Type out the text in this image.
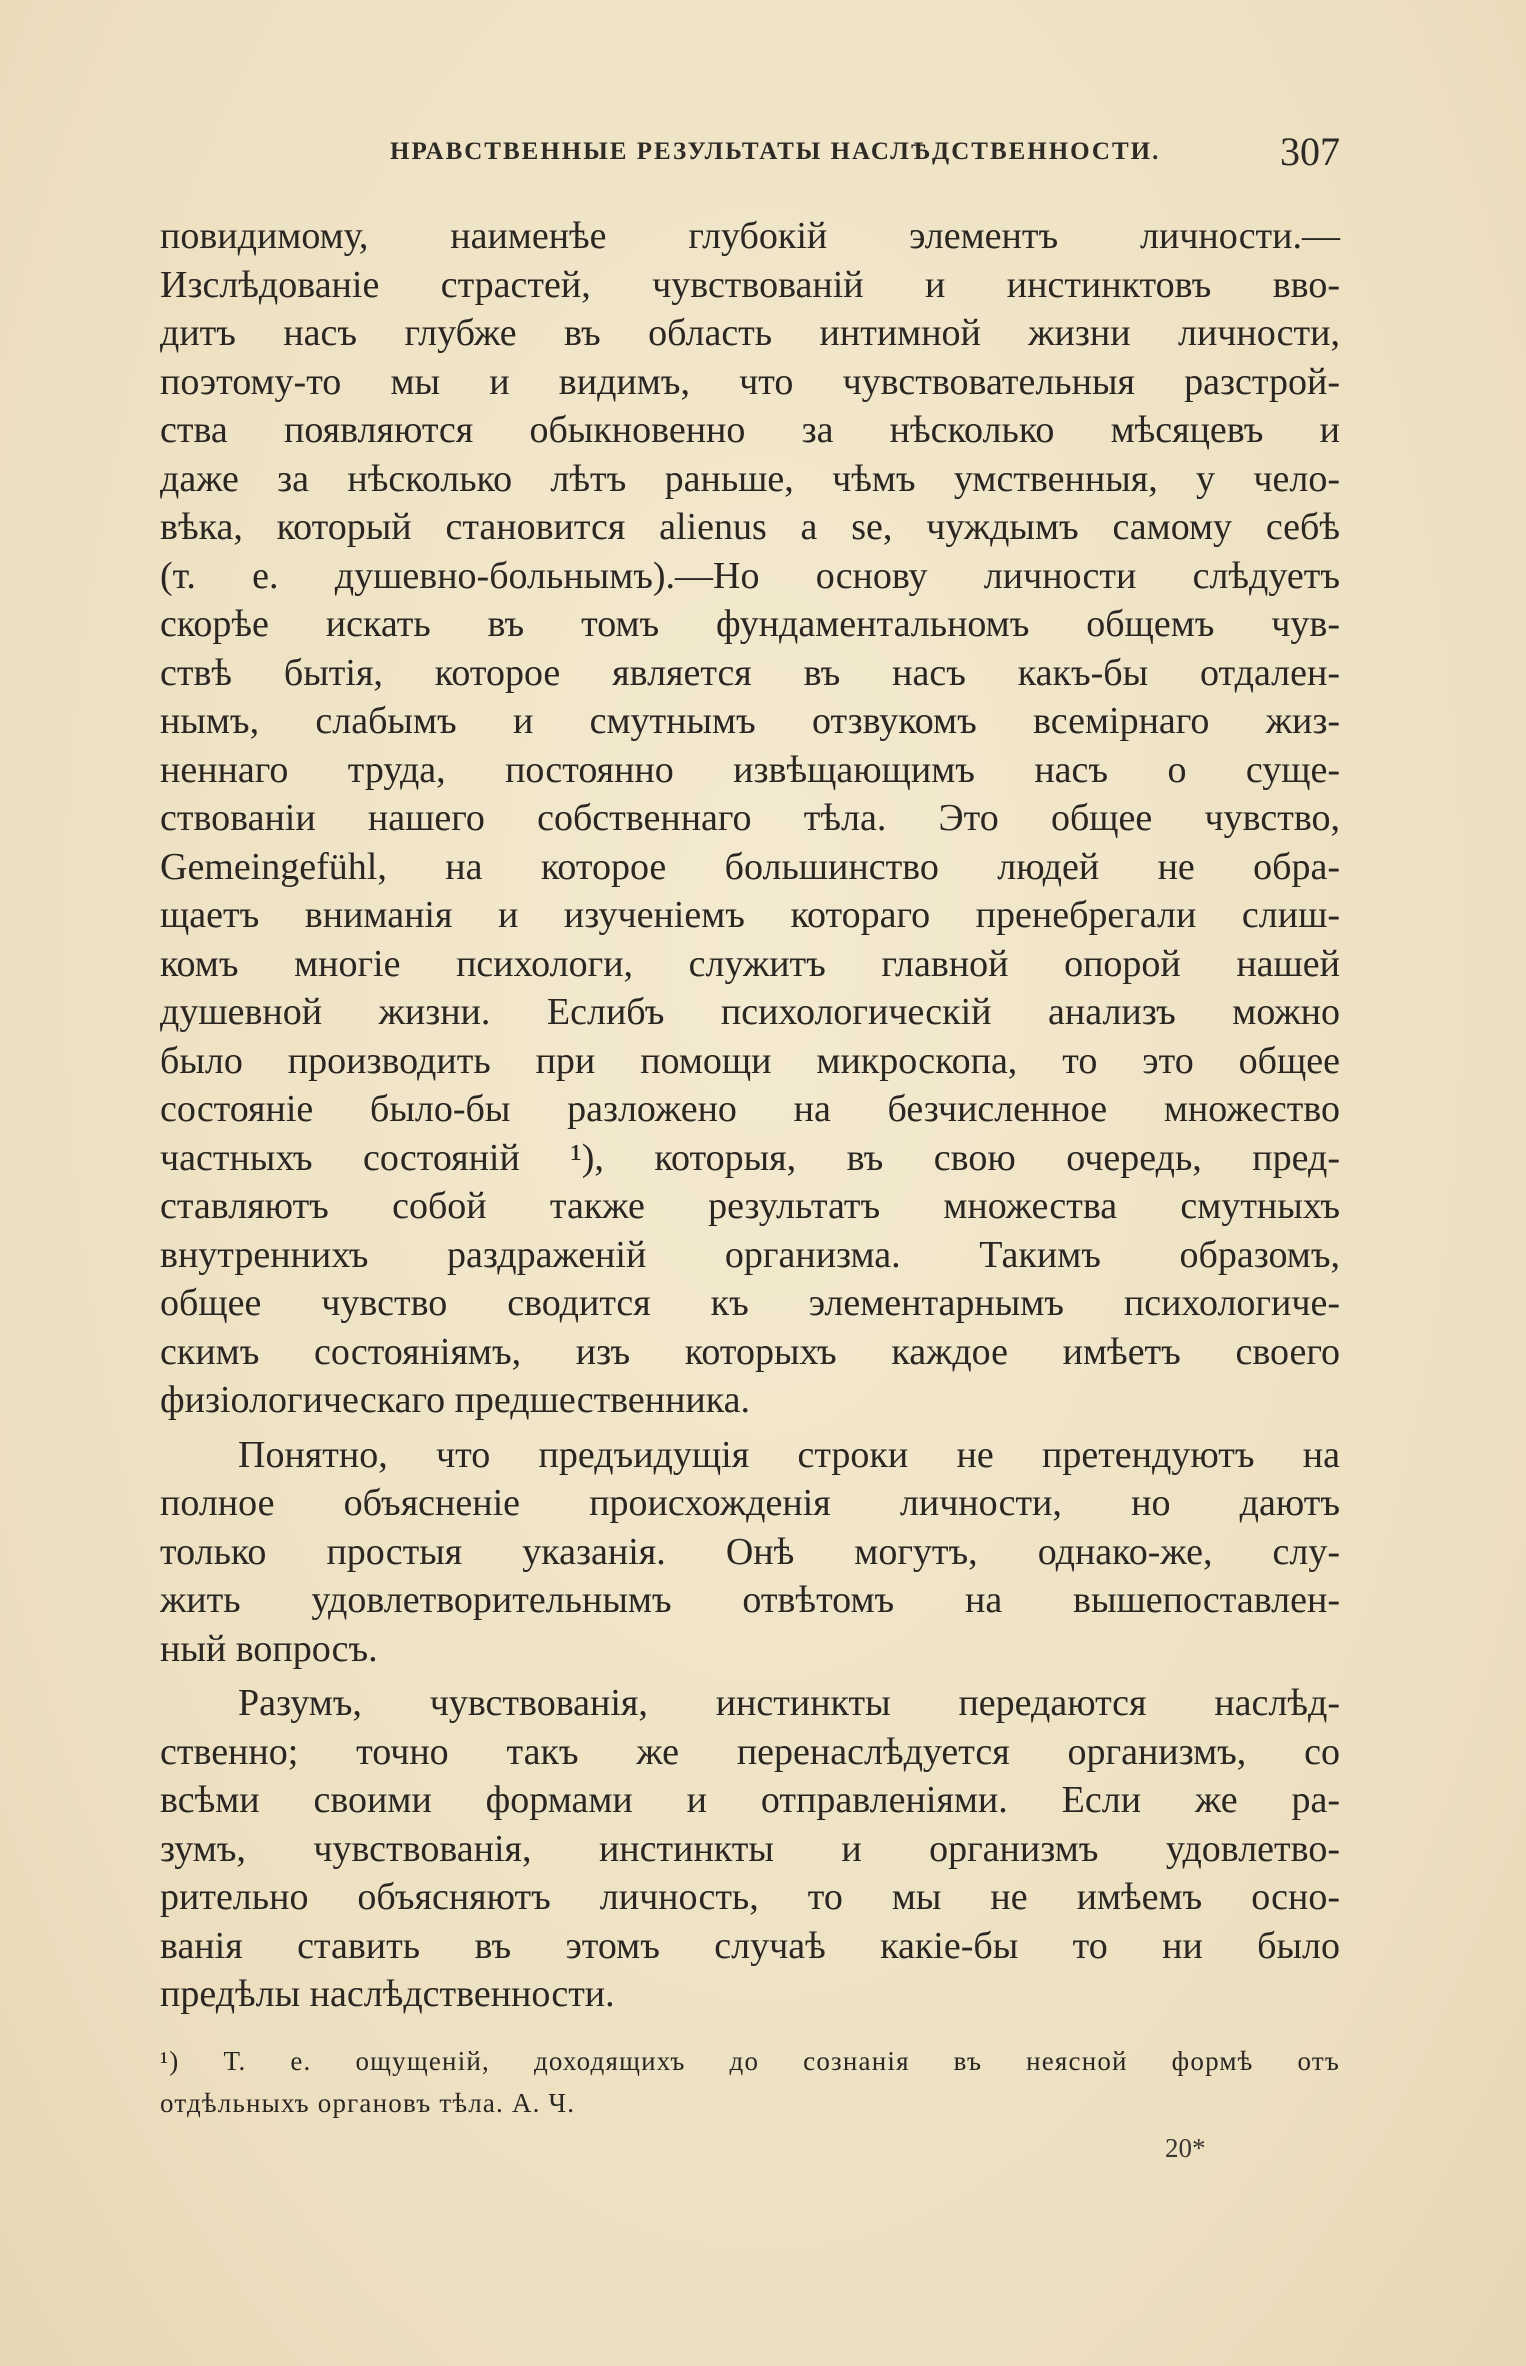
НРАВСТВЕННЫЕ РЕЗУЛЬТАТЫ НАСЛѢДСТВЕННОСТИ.	307
повидимому, наименѣе глубокій элементъ личности.—
Изслѣдованіе страстей, чувствованій и инстинктовъ вво-
дитъ насъ глубже въ область интимной жизни личности,
поэтому-то мы и видимъ, что чувствовательныя разстрой-
ства появляются обыкновенно за нѣсколько мѣсяцевъ и
даже за нѣсколько лѣтъ раньше, чѣмъ умственныя, у чело-
вѣка, который становится alienus a se, чуждымъ самому себѣ
(т. е. душевно-больнымъ).—Но основу личности слѣдуетъ
скорѣе искать въ томъ фундаментальномъ общемъ чув-
ствѣ бытія, которое является въ насъ какъ-бы отдален-
нымъ, слабымъ и смутнымъ отзвукомъ всеміpнаго жиз-
неннаго труда, постоянно извѣщающимъ насъ о суще-
ствованіи нашего собственнаго тѣла. Это общее чувство,
Gemeingefühl, на которое большинство людей не обра-
щаетъ вниманія и изученіемъ котораго пренебрегали слиш-
комъ многіе психологи, служитъ главной опорой нашей
душевной жизни. Еслибъ психологическій анализъ можно
было производить при помощи микроскопа, то это общее
состояніе было-бы разложено на безчисленное множество
частныхъ состояній ¹), которыя, въ свою очередь, пред-
ставляютъ собой также результатъ множества смутныхъ
внутреннихъ раздраженій организма. Такимъ образомъ,
общее чувство сводится къ элементарнымъ психологиче-
скимъ состояніямъ, изъ которыхъ каждое имѣетъ своего
физіологическаго предшественника.
Понятно, что предъидущія строки не претендуютъ на
полное объясненіе происхожденія личности, но даютъ
только простыя указанія. Онѣ могутъ, однако-же, слу-
жить удовлетворительнымъ отвѣтомъ на вышепоставлен-
ный вопросъ.
Разумъ, чувствованія, инстинкты передаются наслѣд-
ственно; точно такъ же перенаслѣдуется организмъ, со
всѣми своими формами и отправленіями. Если же ра-
зумъ, чувствованія, инстинкты и организмъ удовлетво-
рительно объясняютъ личность, то мы не имѣемъ осно-
ванія ставить въ этомъ случаѣ какіе-бы то ни было
предѣлы наслѣдственности.
¹) Т. е. ощущеній, доходящихъ до сознанія въ неясной формѣ отъ
отдѣльныхъ органовъ тѣла. А. Ч.
20*
